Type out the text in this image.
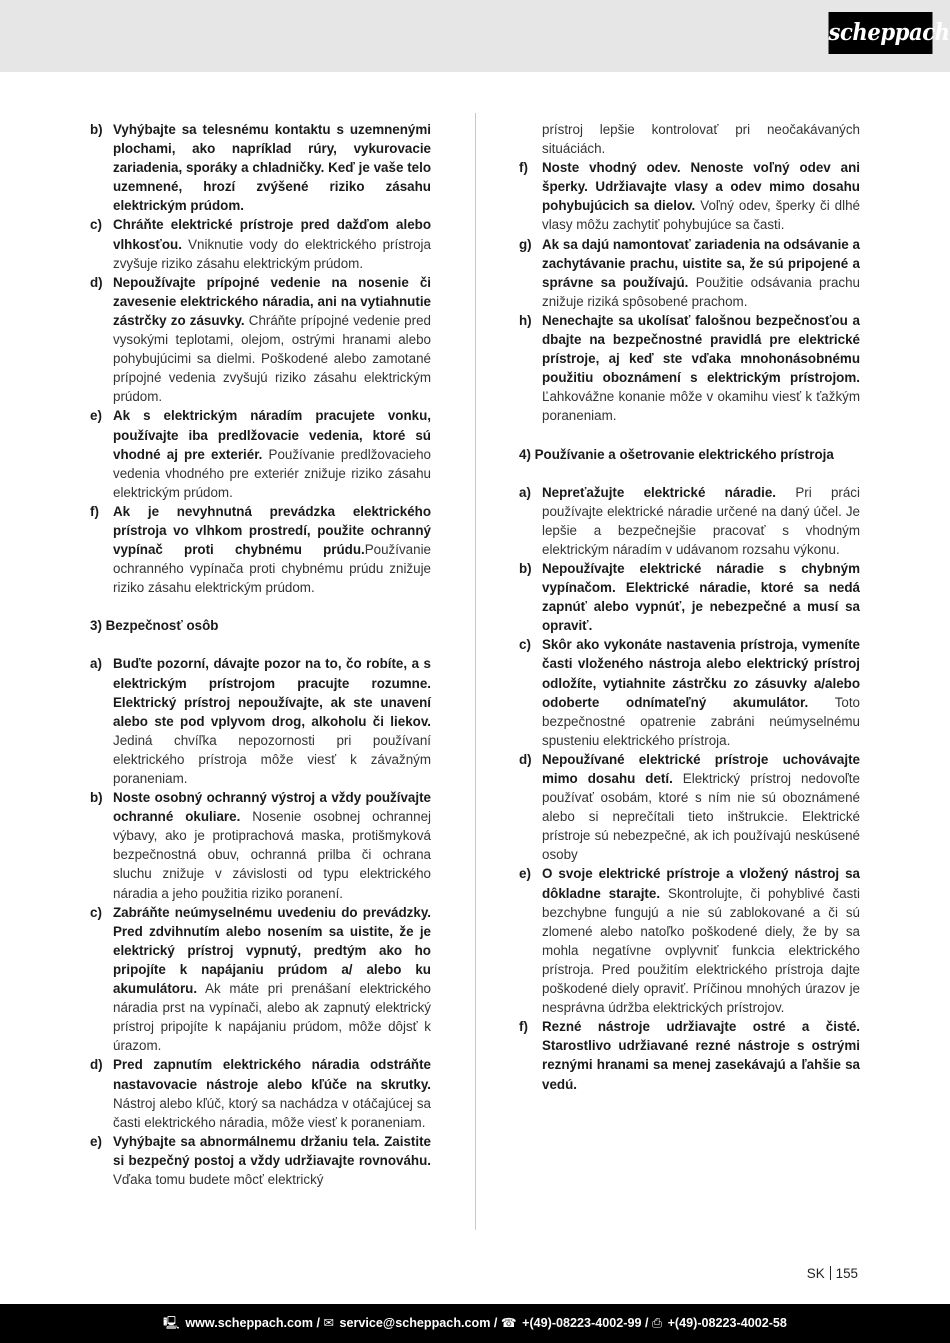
scheppach
b) Vyhýbajte sa telesnému kontaktu s uzemnenými plochami, ako napríklad rúry, vykurovacie zariadenia, sporáky a chladničky. Keď je vaše telo uzemnené, hrozí zvýšené riziko zásahu elektrickým prúdom.
c) Chráňte elektrické prístroje pred dažďom alebo vlhkosťou. Vniknutie vody do elektrického prístroja zvyšuje riziko zásahu elektrickým prúdom.
d) Nepoužívajte prípojné vedenie na nosenie či zavesenie elektrického náradia, ani na vytiahnutie zástrčky zo zásuvky. Chráňte prípojné vedenie pred vysokými teplotami, olejom, ostrými hranami alebo pohybujúcimi sa dielmi. Poškodené alebo zamotané prípojné vedenia zvyšujú riziko zásahu elektrickým prúdom.
e) Ak s elektrickým náradím pracujete vonku, používajte iba predlžovacie vedenia, ktoré sú vhodné aj pre exteriér. Používanie predlžovacieho vedenia vhodného pre exteriér znižuje riziko zásahu elektrickým prúdom.
f) Ak je nevyhnutná prevádzka elektrického prístroja vo vlhkom prostredí, použite ochranný vypínač proti chybnému prúdu.Používanie ochranného vypínača proti chybnému prúdu znižuje riziko zásahu elektrickým prúdom.
3) Bezpečnosť osôb
a) Buďte pozorní, dávajte pozor na to, čo robíte, a s elektrickým prístrojom pracujte rozumne. Elektrický prístroj nepoužívajte, ak ste unavení alebo ste pod vplyvom drog, alkoholu či liekov. Jediná chvíľka nepozornosti pri používaní elektrického prístroja môže viesť k závažným poraneniam.
b) Noste osobný ochranný výstroj a vždy používajte ochranné okuliare. Nosenie osobnej ochrannej výbavy, ako je protiprachová maska, protišmyková bezpečnostná obuv, ochranná prilba či ochrana sluchu znižuje v závislosti od typu elektrického náradia a jeho použitia riziko poranení.
c) Zabráňte neúmyselnému uvedeniu do prevádzky. Pred zdvihnutím alebo nosením sa uistite, že je elektrický prístroj vypnutý, predtým ako ho pripojíte k napájaniu prúdom a/ alebo ku akumulátoru. Ak máte pri prenášaní elektrického náradia prst na vypínači, alebo ak zapnutý elektrický prístroj pripojíte k napájaniu prúdom, môže dôjsť k úrazom.
d) Pred zapnutím elektrického náradia odstráňte nastavovacie nástroje alebo kľúče na skrutky. Nástroj alebo kľúč, ktorý sa nachádza v otáčajúcej sa časti elektrického náradia, môže viesť k poraneniam.
e) Vyhýbajte sa abnormálnemu držaniu tela. Zaistite si bezpečný postoj a vždy udržiavajte rovnováhu. Vďaka tomu budete môcť elektrický
prístroj lepšie kontrolovať pri neočakávaných situáciách.
f) Noste vhodný odev. Nenoste voľný odev ani šperky. Udržiavajte vlasy a odev mimo dosahu pohybujúcich sa dielov. Voľný odev, šperky či dlhé vlasy môžu zachytiť pohybujúce sa časti.
g) Ak sa dajú namontovať zariadenia na odsávanie a zachytávanie prachu, uistite sa, že sú pripojené a správne sa používajú. Použitie odsávania prachu znižuje riziká spôsobené prachom.
h) Nenechajte sa ukolísať falošnou bezpečnosťou a dbajte na bezpečnostné pravidlá pre elektrické prístroje, aj keď ste vďaka mnohonásobnému použitiu oboznámení s elektrickým prístrojom. Ľahkovážne konanie môže v okamihu viesť k ťažkým poraneniam.
4) Používanie a ošetrovanie elektrického prístroja
a) Nepreťažujte elektrické náradie. Pri práci používajte elektrické náradie určené na daný účel. Je lepšie a bezpečnejšie pracovať s vhodným elektrickým náradím v udávanom rozsahu výkonu.
b) Nepoužívajte elektrické náradie s chybným vypínačom. Elektrické náradie, ktoré sa nedá zapnúť alebo vypnúť, je nebezpečné a musí sa opraviť.
c) Skôr ako vykonáte nastavenia prístroja, vymeníte časti vloženého nástroja alebo elektrický prístroj odložíte, vytiahnite zástrčku zo zásuvky a/alebo odoberte odnímateľný akumulátor. Toto bezpečnostné opatrenie zabráni neúmyselnému spusteniu elektrického prístroja.
d) Nepoužívané elektrické prístroje uchovávajte mimo dosahu detí. Elektrický prístroj nedovoľte používať osobám, ktoré s ním nie sú oboznámené alebo si neprečítali tieto inštrukcie. Elektrické prístroje sú nebezpečné, ak ich používajú neskúsené osoby
e) O svoje elektrické prístroje a vložený nástroj sa dôkladne starajte. Skontrolujte, či pohyblivé časti bezchybne fungujú a nie sú zablokované a či sú zlomené alebo natoľko poškodené diely, že by sa mohla negatívne ovplyvniť funkcia elektrického prístroja. Pred použitím elektrického prístroja dajte poškodené diely opraviť. Príčinou mnohých úrazov je nesprávna údržba elektrických prístrojov.
f) Rezné nástroje udržiavajte ostré a čisté. Starostlivo udržiavané rezné nástroje s ostrými reznými hranami sa menej zasekávajú a ľahšie sa vedú.
SK 155
🖳 www.scheppach.com / ✉ service@scheppach.com / ☎ +(49)-08223-4002-99 / ⎙ +(49)-08223-4002-58
